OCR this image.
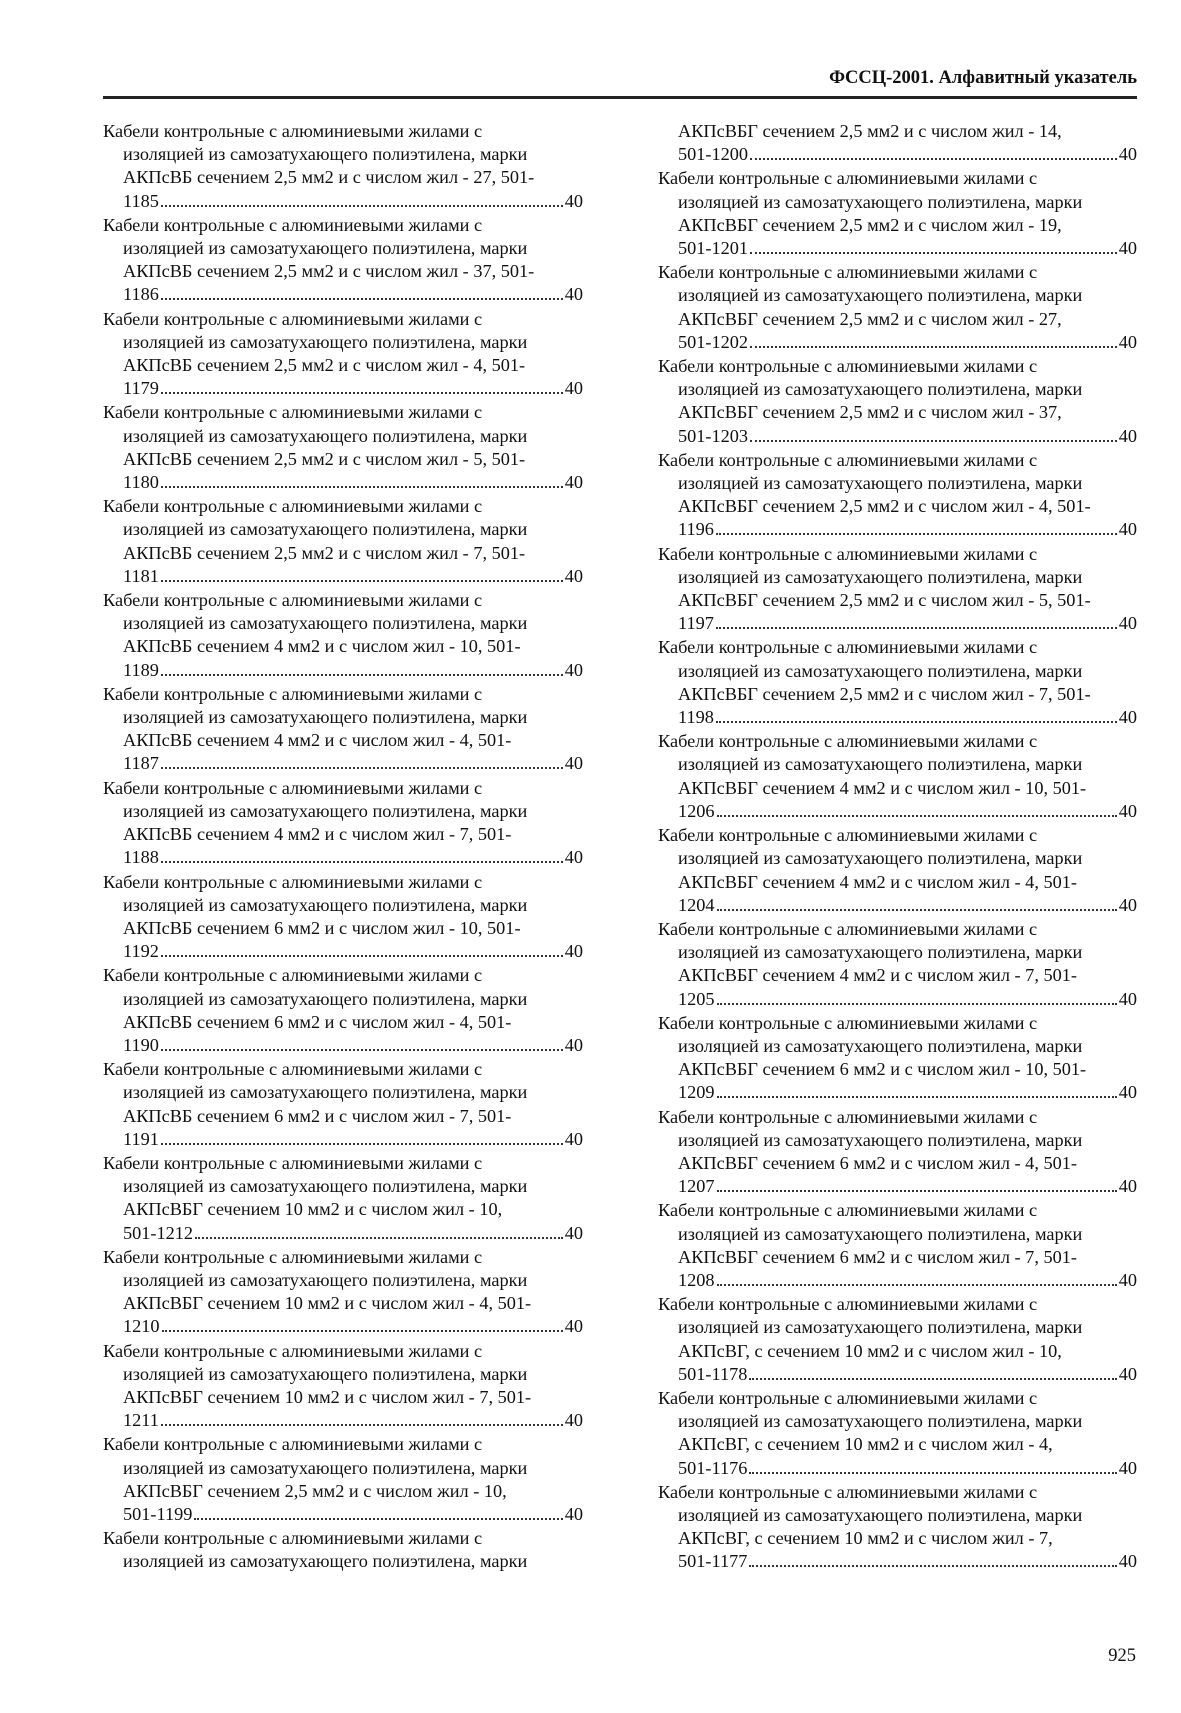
ФССЦ-2001. Алфавитный указатель
Кабели контрольные с алюминиевыми жилами с
изоляцией из самозатухающего полиэтилена, марки
АКПсВБ сечением 2,5 мм2 и с числом жил - 27, 501-
1185	40
Кабели контрольные с алюминиевыми жилами с
изоляцией из самозатухающего полиэтилена, марки
АКПсВБ сечением 2,5 мм2 и с числом жил - 37, 501-
1186	40
Кабели контрольные с алюминиевыми жилами с
изоляцией из самозатухающего полиэтилена, марки
АКПсВБ сечением 2,5 мм2 и с числом жил - 4, 501-
1179	40
Кабели контрольные с алюминиевыми жилами с
изоляцией из самозатухающего полиэтилена, марки
АКПсВБ сечением 2,5 мм2 и с числом жил - 5, 501-
1180	40
Кабели контрольные с алюминиевыми жилами с
изоляцией из самозатухающего полиэтилена, марки
АКПсВБ сечением 2,5 мм2 и с числом жил - 7, 501-
1181	40
Кабели контрольные с алюминиевыми жилами с
изоляцией из самозатухающего полиэтилена, марки
АКПсВБ сечением 4 мм2 и с числом жил - 10, 501-
1189	40
Кабели контрольные с алюминиевыми жилами с
изоляцией из самозатухающего полиэтилена, марки
АКПсВБ сечением 4 мм2 и с числом жил - 4, 501-
1187	40
Кабели контрольные с алюминиевыми жилами с
изоляцией из самозатухающего полиэтилена, марки
АКПсВБ сечением 4 мм2 и с числом жил - 7, 501-
1188	40
Кабели контрольные с алюминиевыми жилами с
изоляцией из самозатухающего полиэтилена, марки
АКПсВБ сечением 6 мм2 и с числом жил - 10, 501-
1192	40
Кабели контрольные с алюминиевыми жилами с
изоляцией из самозатухающего полиэтилена, марки
АКПсВБ сечением 6 мм2 и с числом жил - 4, 501-
1190	40
Кабели контрольные с алюминиевыми жилами с
изоляцией из самозатухающего полиэтилена, марки
АКПсВБ сечением 6 мм2 и с числом жил - 7, 501-
1191	40
Кабели контрольные с алюминиевыми жилами с
изоляцией из самозатухающего полиэтилена, марки
АКПсВБГ сечением 10 мм2 и с числом жил - 10,
501-1212	40
Кабели контрольные с алюминиевыми жилами с
изоляцией из самозатухающего полиэтилена, марки
АКПсВБГ сечением 10 мм2 и с числом жил - 4, 501-
1210	40
Кабели контрольные с алюминиевыми жилами с
изоляцией из самозатухающего полиэтилена, марки
АКПсВБГ сечением 10 мм2 и с числом жил - 7, 501-
1211	40
Кабели контрольные с алюминиевыми жилами с
изоляцией из самозатухающего полиэтилена, марки
АКПсВБГ сечением 2,5 мм2 и с числом жил - 10,
501-1199	40
Кабели контрольные с алюминиевыми жилами с
изоляцией из самозатухающего полиэтилена, марки
АКПсВБГ сечением 2,5 мм2 и с числом жил - 14,
501-1200	40
Кабели контрольные с алюминиевыми жилами с
изоляцией из самозатухающего полиэтилена, марки
АКПсВБГ сечением 2,5 мм2 и с числом жил - 19,
501-1201	40
Кабели контрольные с алюминиевыми жилами с
изоляцией из самозатухающего полиэтилена, марки
АКПсВБГ сечением 2,5 мм2 и с числом жил - 27,
501-1202	40
Кабели контрольные с алюминиевыми жилами с
изоляцией из самозатухающего полиэтилена, марки
АКПсВБГ сечением 2,5 мм2 и с числом жил - 37,
501-1203	40
Кабели контрольные с алюминиевыми жилами с
изоляцией из самозатухающего полиэтилена, марки
АКПсВБГ сечением 2,5 мм2 и с числом жил - 4, 501-
1196	40
Кабели контрольные с алюминиевыми жилами с
изоляцией из самозатухающего полиэтилена, марки
АКПсВБГ сечением 2,5 мм2 и с числом жил - 5, 501-
1197	40
Кабели контрольные с алюминиевыми жилами с
изоляцией из самозатухающего полиэтилена, марки
АКПсВБГ сечением 2,5 мм2 и с числом жил - 7, 501-
1198	40
Кабели контрольные с алюминиевыми жилами с
изоляцией из самозатухающего полиэтилена, марки
АКПсВБГ сечением 4 мм2 и с числом жил - 10, 501-
1206	40
Кабели контрольные с алюминиевыми жилами с
изоляцией из самозатухающего полиэтилена, марки
АКПсВБГ сечением 4 мм2 и с числом жил - 4, 501-
1204	40
Кабели контрольные с алюминиевыми жилами с
изоляцией из самозатухающего полиэтилена, марки
АКПсВБГ сечением 4 мм2 и с числом жил - 7, 501-
1205	40
Кабели контрольные с алюминиевыми жилами с
изоляцией из самозатухающего полиэтилена, марки
АКПсВБГ сечением 6 мм2 и с числом жил - 10, 501-
1209	40
Кабели контрольные с алюминиевыми жилами с
изоляцией из самозатухающего полиэтилена, марки
АКПсВБГ сечением 6 мм2 и с числом жил - 4, 501-
1207	40
Кабели контрольные с алюминиевыми жилами с
изоляцией из самозатухающего полиэтилена, марки
АКПсВБГ сечением 6 мм2 и с числом жил - 7, 501-
1208	40
Кабели контрольные с алюминиевыми жилами с
изоляцией из самозатухающего полиэтилена, марки
АКПсВГ, с сечением 10 мм2 и с числом жил - 10,
501-1178	40
Кабели контрольные с алюминиевыми жилами с
изоляцией из самозатухающего полиэтилена, марки
АКПсВГ, с сечением 10 мм2 и с числом жил - 4,
501-1176	40
Кабели контрольные с алюминиевыми жилами с
изоляцией из самозатухающего полиэтилена, марки
АКПсВГ, с сечением 10 мм2 и с числом жил - 7,
501-1177	40
925
